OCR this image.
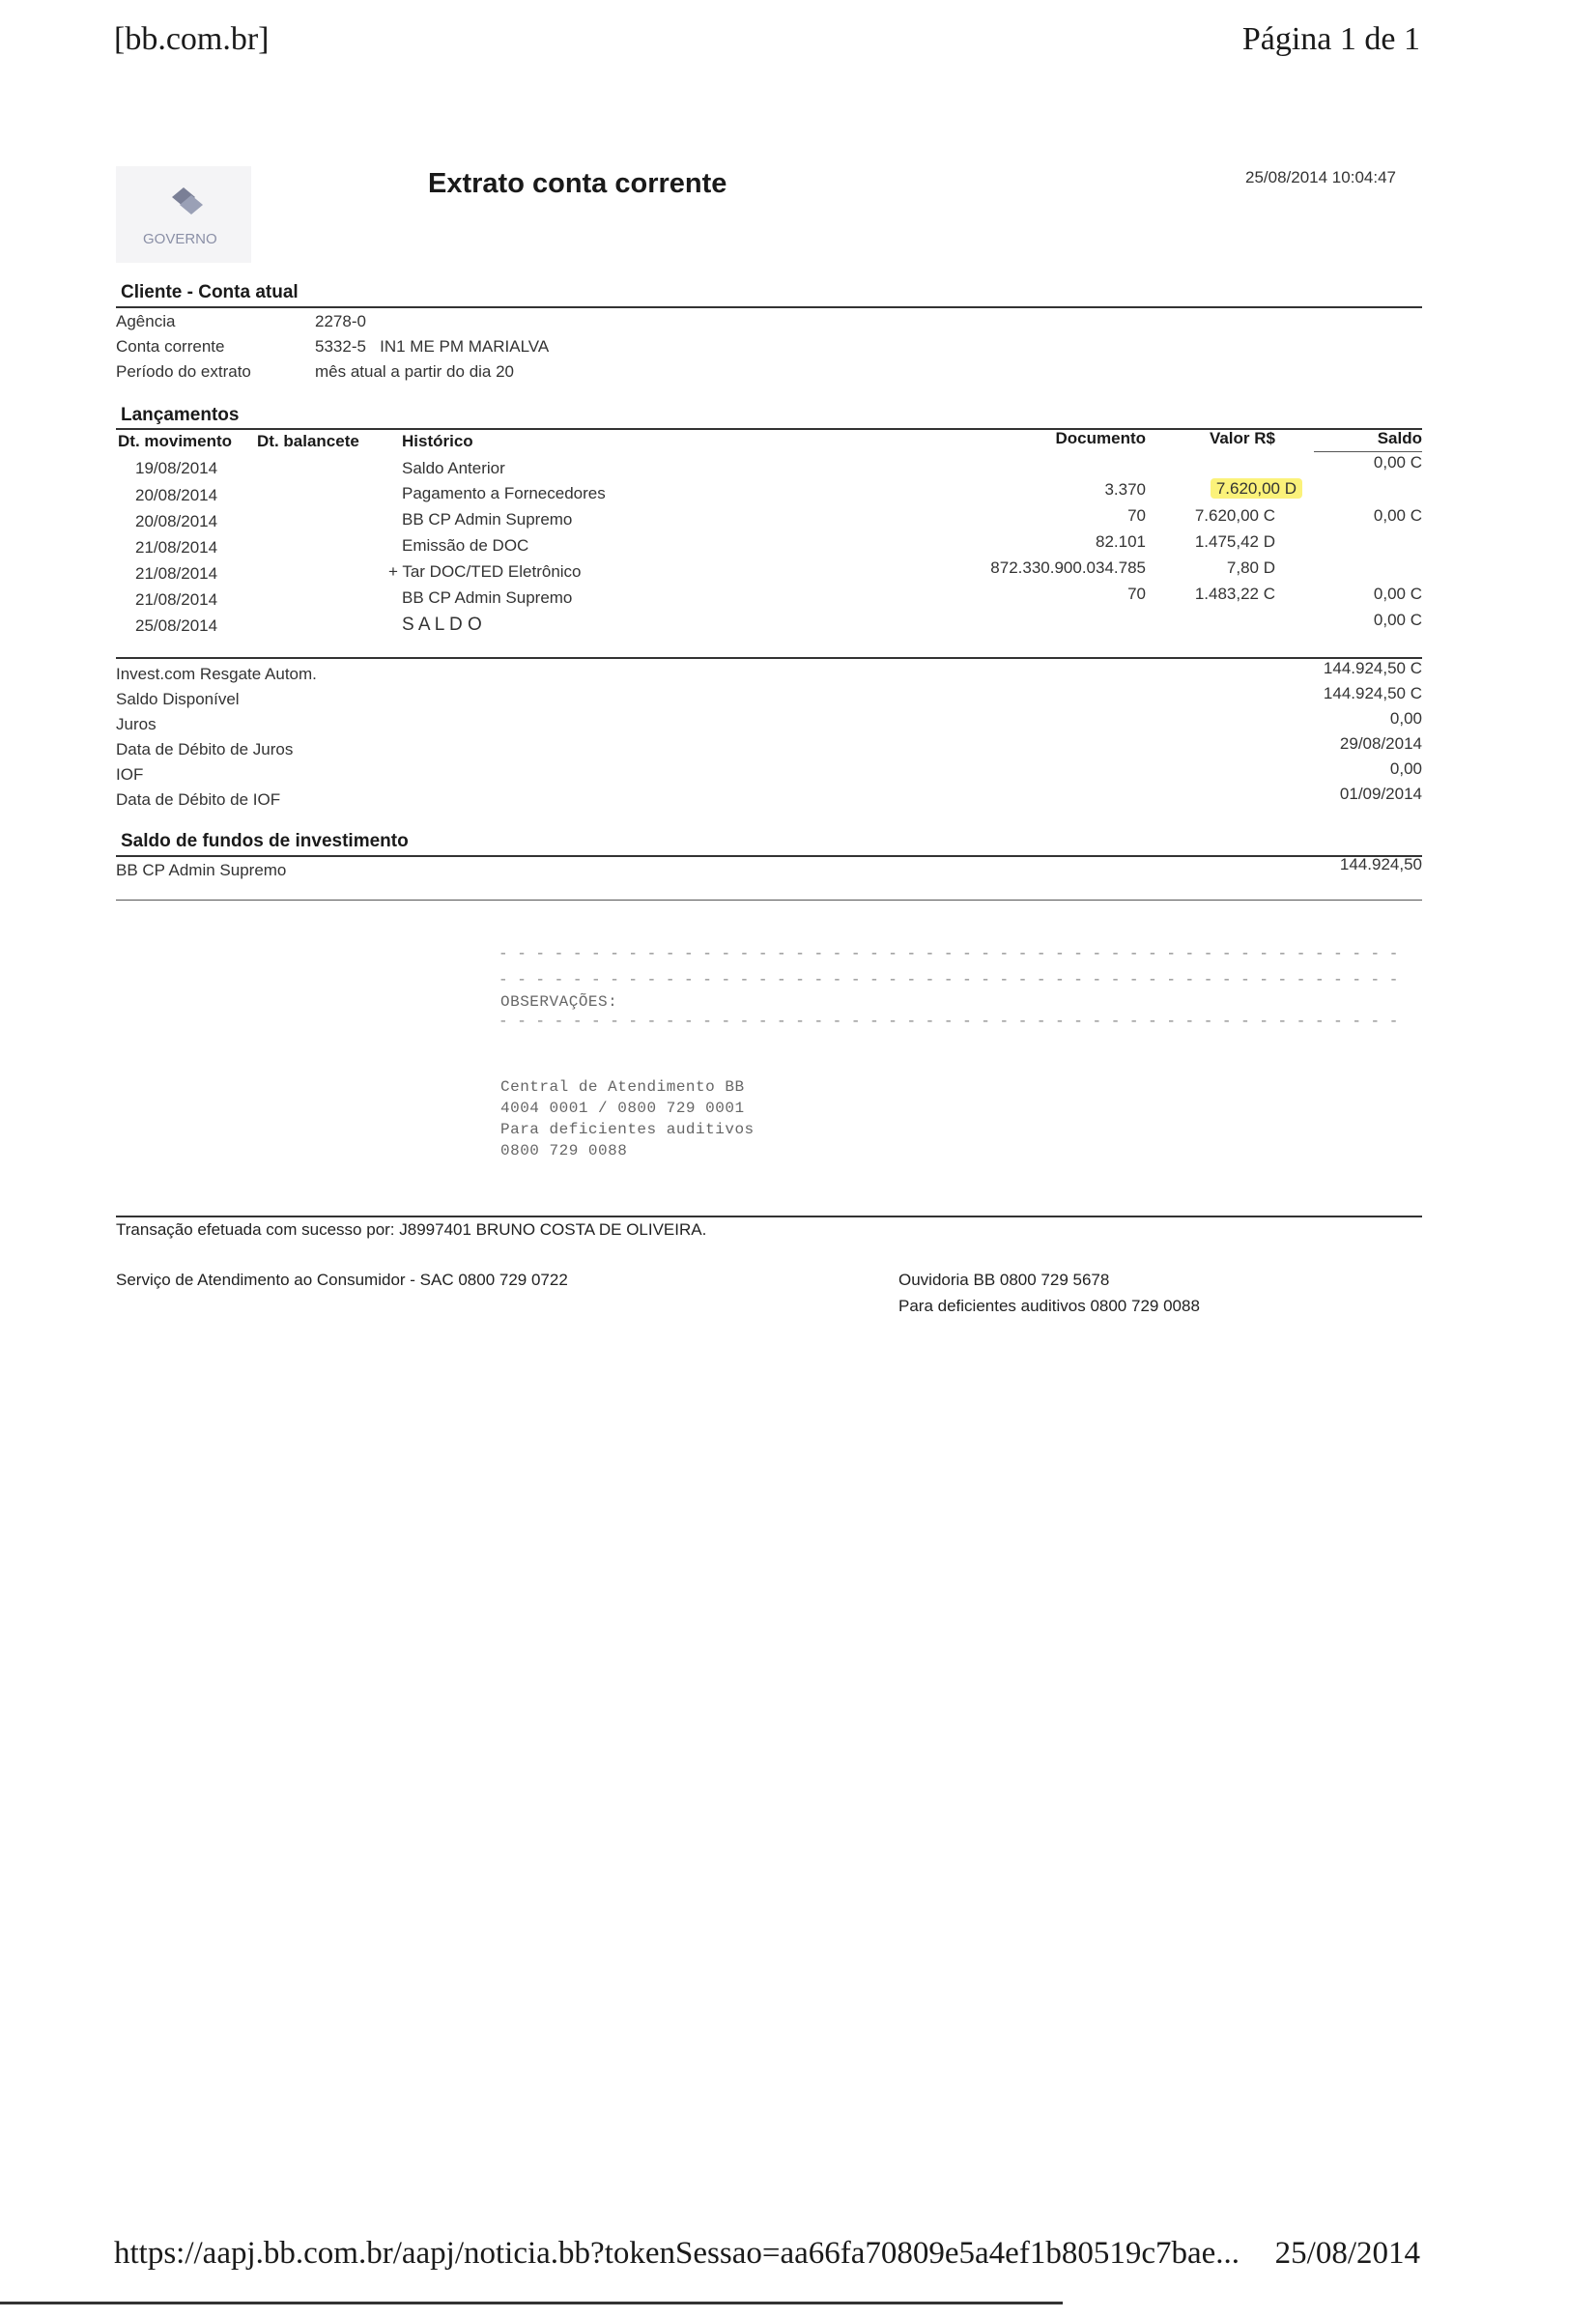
[bb.com.br]	Página 1 de 1
GOVERNO
Extrato conta corrente	25/08/2014 10:04:47
Cliente - Conta atual
Agência	2278-0
Conta corrente	5332-5   IN1 ME PM MARIALVA
Período do extrato	mês atual a partir do dia 20
Lançamentos
Dt. movimento Dt. balancete	Histórico	Documento	Valor R$	Saldo
19/08/2014	Saldo Anterior	0,00 C
20/08/2014	Pagamento a Fornecedores	3.370	7.620,00 D
20/08/2014	BB CP Admin Supremo	70	7.620,00 C	0,00 C
21/08/2014	Emissão de DOC	82.101	1.475,42 D
21/08/2014	+ Tar DOC/TED Eletrônico	872.330.900.034.785	7,80 D
21/08/2014	BB CP Admin Supremo	70	1.483,22 C	0,00 C
25/08/2014	S A L D O	0,00 C
Invest.com Resgate Autom.	144.924,50 C
Saldo Disponível	144.924,50 C
Juros	0,00
Data de Débito de Juros	29/08/2014
IOF	0,00
Data de Débito de IOF	01/09/2014
Saldo de fundos de investimento
BB CP Admin Supremo	144.924,50
- - - - - - - - - - - - - - - - - - - - - - - - - - - - - - - - - - - - - - - - - - - - - - - - -
- - - - - - - - - - - - - - - - - - - - - - - - - - - - - - - - - - - - - - - - - - - - - - - - -
OBSERVAÇÕES:
- - - - - - - - - - - - - - - - - - - - - - - - - - - - - - - - - - - - - - - - - - - - - - - - -
Central de Atendimento BB
4004 0001 / 0800 729 0001
Para deficientes auditivos
0800 729 0088
Transação efetuada com sucesso por: J8997401 BRUNO COSTA DE OLIVEIRA.
Serviço de Atendimento ao Consumidor - SAC 0800 729 0722	Ouvidoria BB 0800 729 5678
Para deficientes auditivos 0800 729 0088
https://aapj.bb.com.br/aapj/noticia.bb?tokenSessao=aa66fa70809e5a4ef1b80519c7bae... 25/08/2014
